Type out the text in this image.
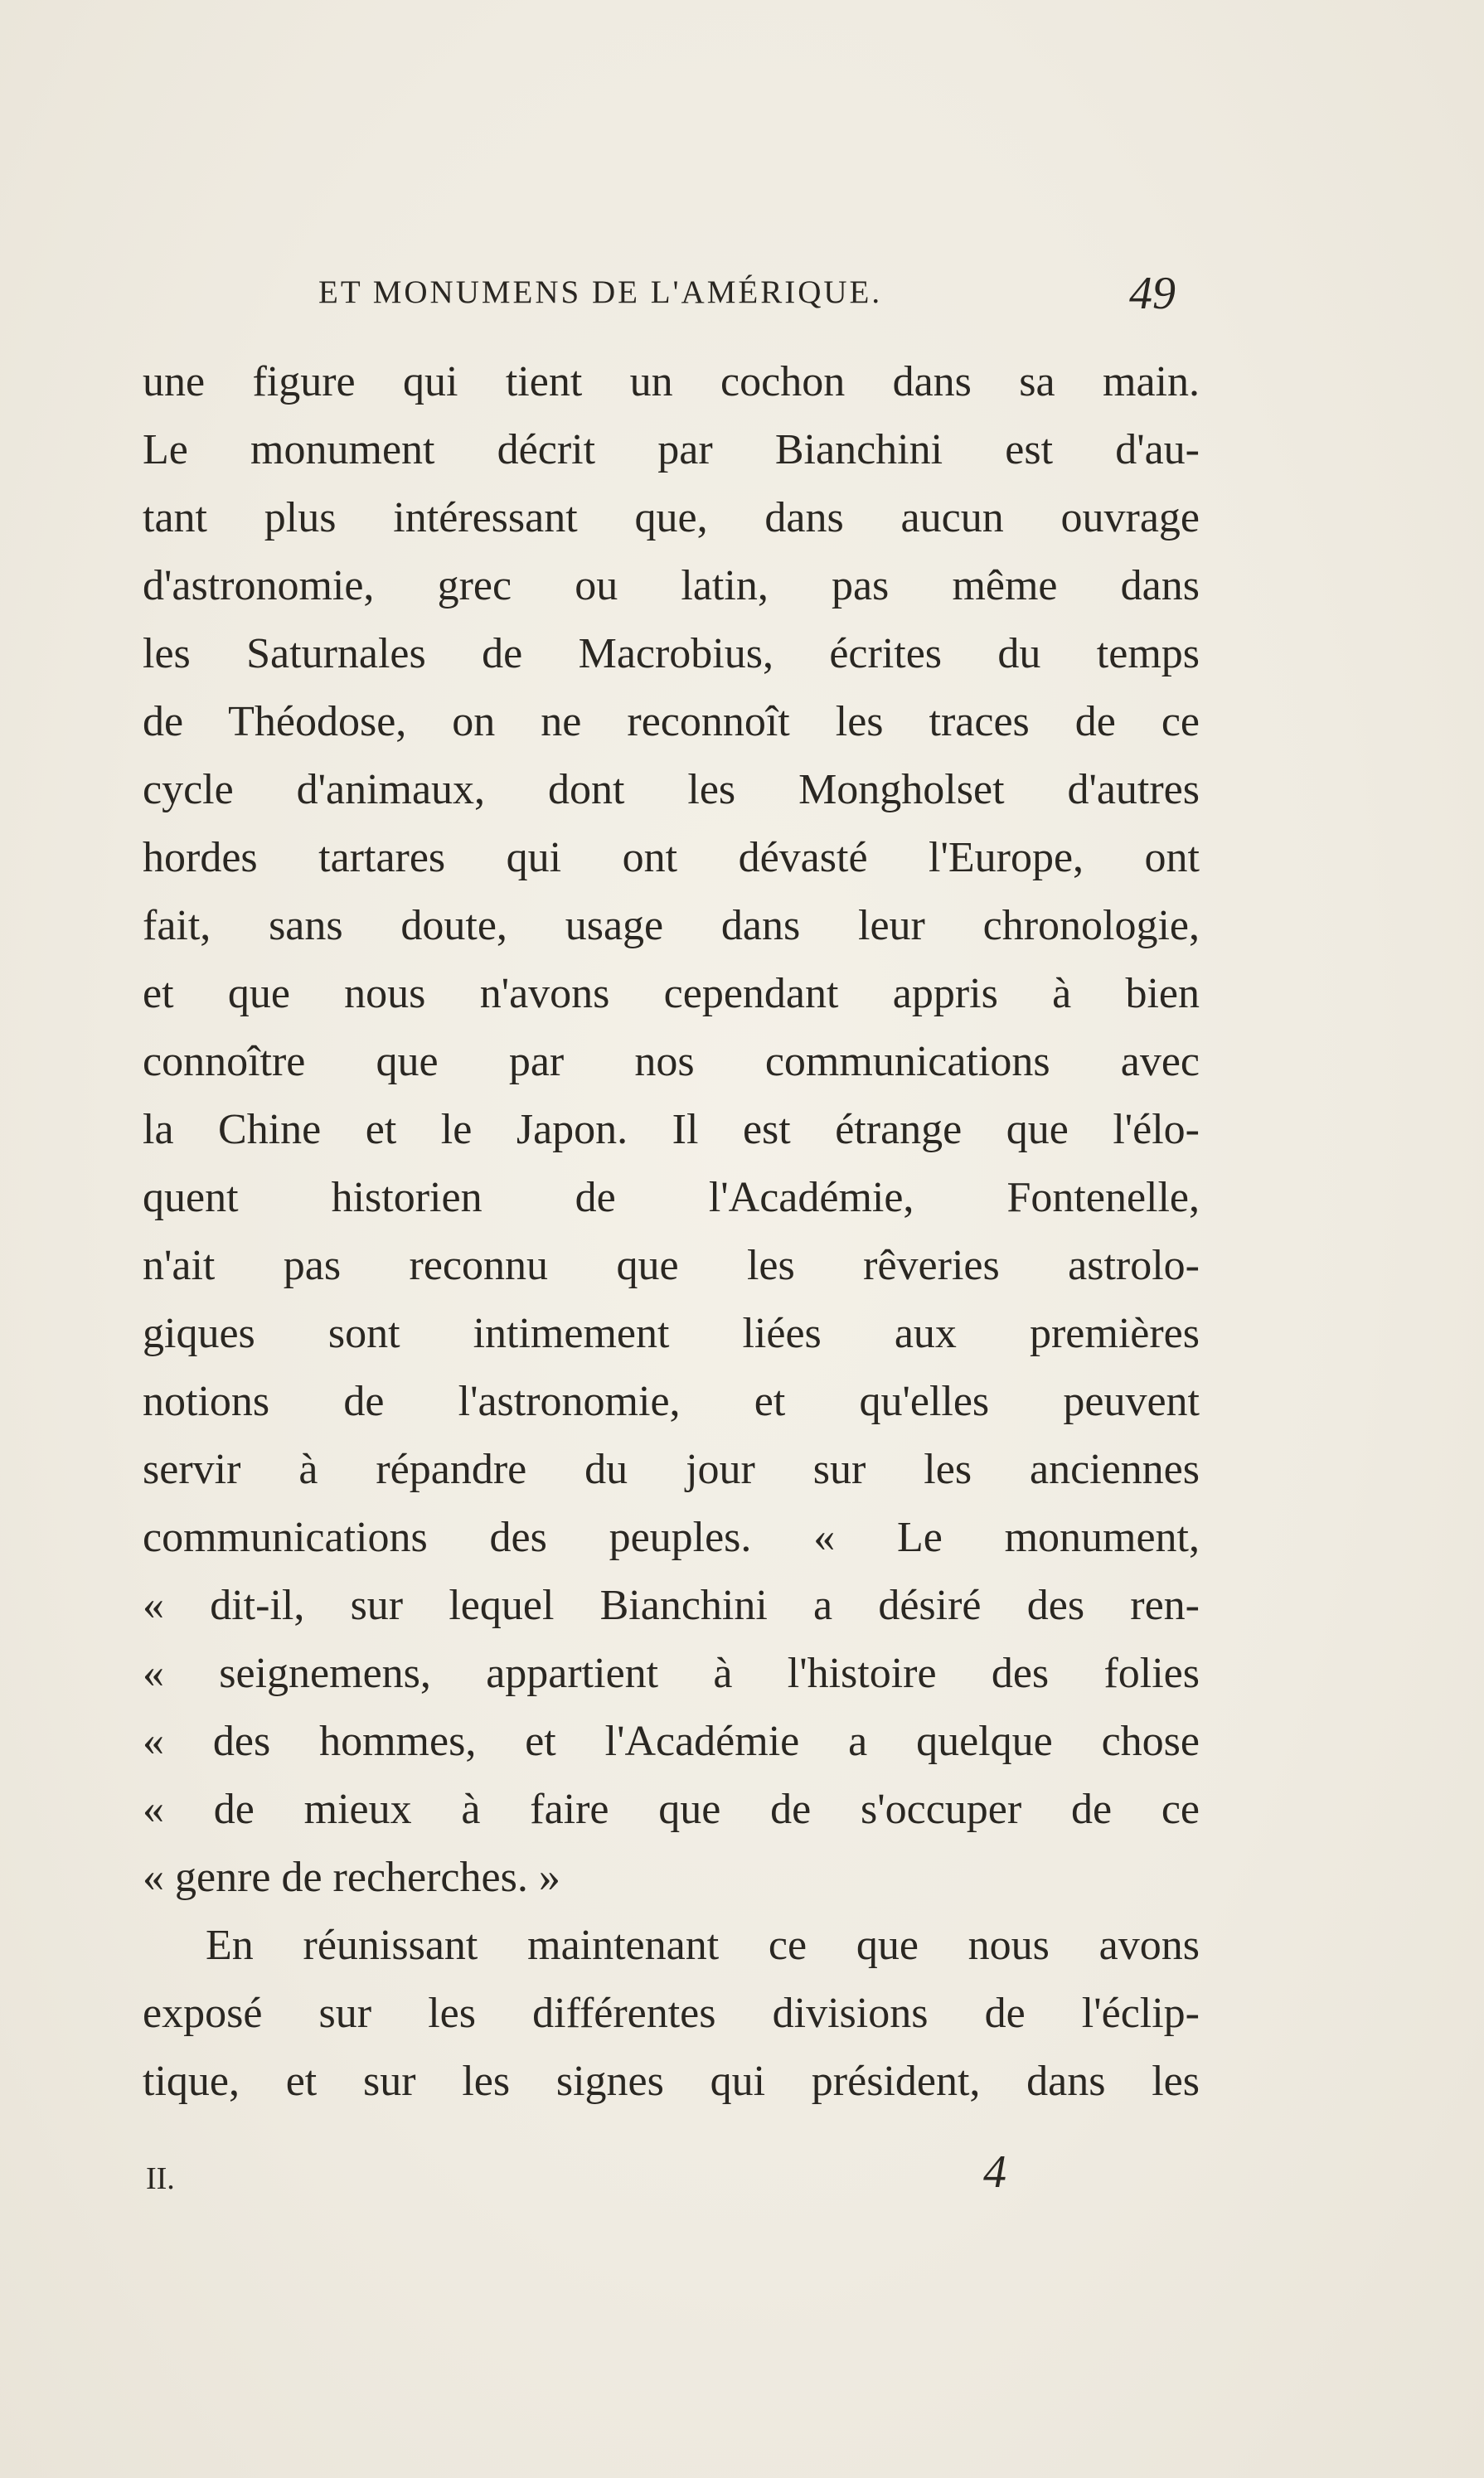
ET MONUMENS DE L'AMÉRIQUE.	49
une figure qui tient un cochon dans sa main.
Le monument décrit par Bianchini est d'au-
tant plus intéressant que, dans aucun ouvrage
d'astronomie, grec ou latin, pas même dans
les Saturnales de Macrobius, écrites du temps
de Théodose, on ne reconnoît les traces de ce
cycle d'animaux, dont les Mongholset d'autres
hordes tartares qui ont dévasté l'Europe, ont
fait, sans doute, usage dans leur chronologie,
et que nous n'avons cependant appris à bien
connoître que par nos communications avec
la Chine et le Japon. Il est étrange que l'élo-
quent historien de l'Académie, Fontenelle,
n'ait pas reconnu que les rêveries astrolo-
giques sont intimement liées aux premières
notions de l'astronomie, et qu'elles peuvent
servir à répandre du jour sur les anciennes
communications des peuples. « Le monument,
« dit-il, sur lequel Bianchini a désiré des ren-
« seignemens, appartient à l'histoire des folies
« des hommes, et l'Académie a quelque chose
« de mieux à faire que de s'occuper de ce
« genre de recherches. »
En réunissant maintenant ce que nous avons
exposé sur les différentes divisions de l'éclip-
tique, et sur les signes qui président, dans les
II.	4
